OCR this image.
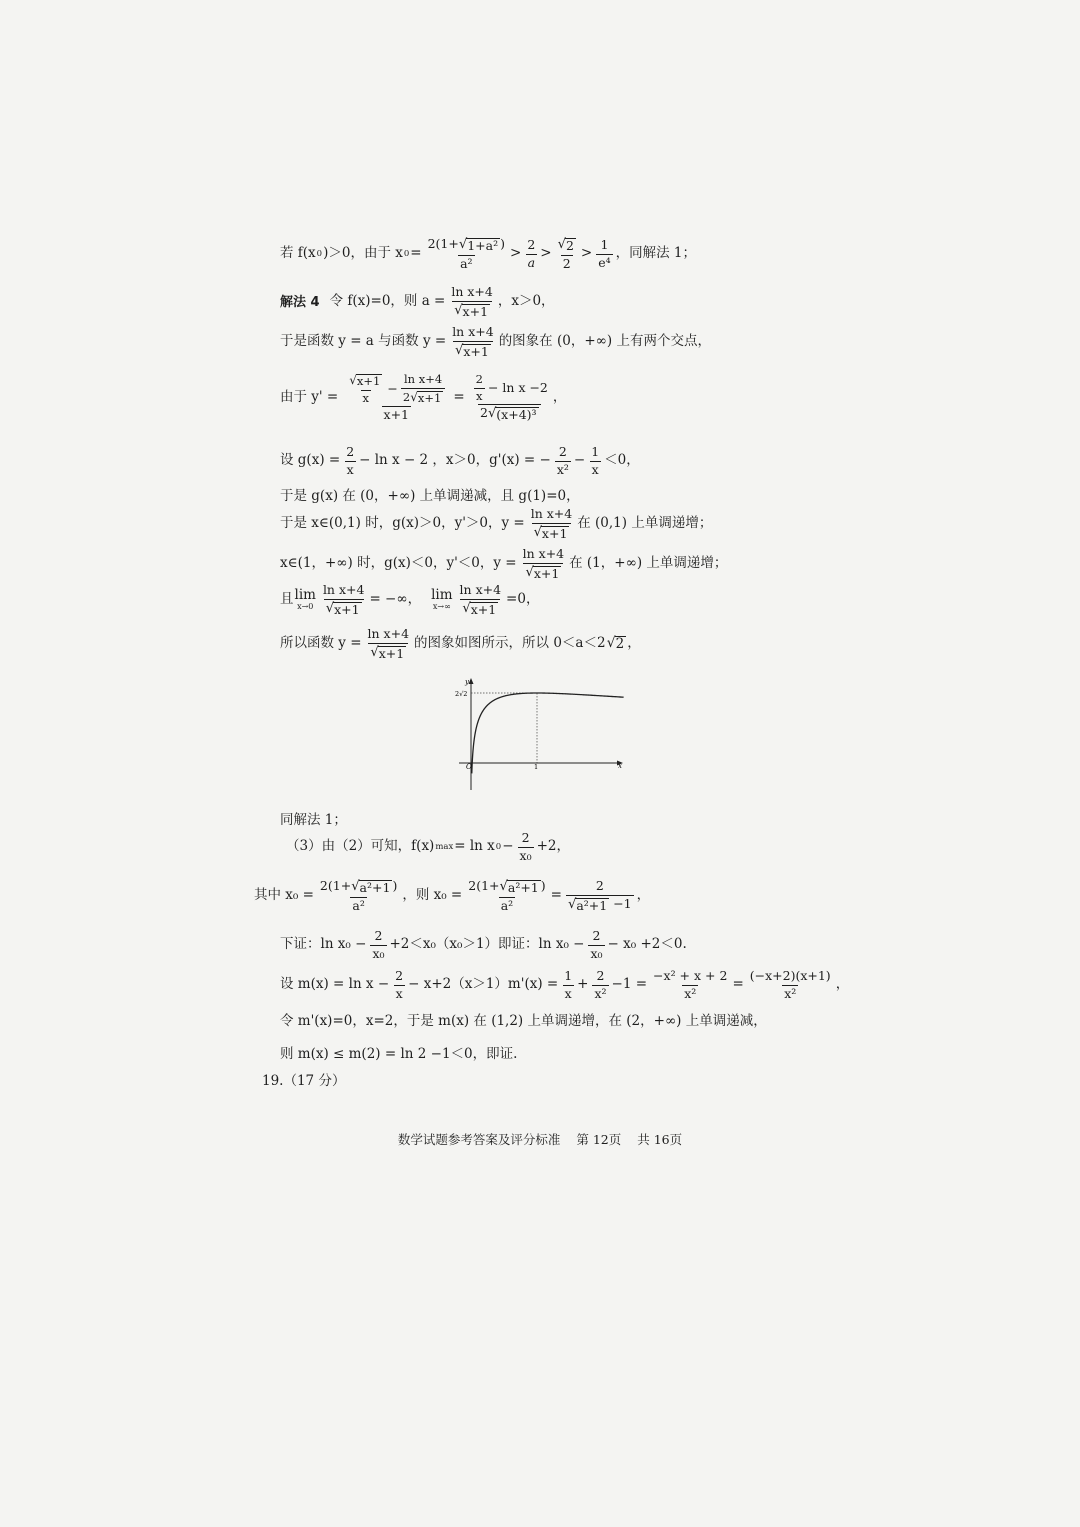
若 f(x 0 )＞0，由于 x $0 = \frac{\text{2(1+ √ 1+a² )}}{\text{a²}} > \frac{2}{a} > \frac{√ 2}{2} > \frac{1}{\text{e⁴}}$ ，同解法 1；
解法 4 令 f(x)=0，则 $a = \frac{\text{ln x+4}}{√ x+1}$ ，x＞0，
于是函数 y = a 与函数 $y = \frac{\text{ln x+4}}{√ x+1}$ 的图象在 (0，+∞) 上有两个交点，
由于 $y' = \frac{\frac{√ x+1}{x} - \frac{\text{ln x+4}}{2 √ x+1}}{x+1} = \frac{\frac{2}{x} - \ln x -2}{\text{2 √ (x+4)³}}$ ，
设 $g(x) = \frac{2}{x} - \ln x - 2$ ，x＞0，g'(x) = − $\frac{2}{\text{x²}} - \frac{1}{x} <0$，
于是 g(x) 在 (0，+∞) 上单调递减，且 g(1)=0，
于是 x∈(0,1) 时，g(x)＞0，y'＞0，$y = \frac{\text{ln x+4}}{√ x+1}$ 在 (0,1) 上单调递增；
x∈(1，+∞) 时，g(x)＜0，y'＜0，$y = \frac{\text{ln x+4}}{√ x+1}$ 在 (1，+∞) 上单调递增；
且 lim
$x\to 0 \frac{\text{ln x+4}}{√ x+1}$ = −∞， lim
$x\to\infty \frac{\text{ln x+4}}{√ x+1} =0$，
所以函数 $y = \frac{\text{ln x+4}}{√ x+1}$ 的图象如图所示，所以 0＜a＜2 √ 2 ，
y
x
O
2√2
1
同解法 1；
（3）由（2）可知，f(x) max = ln x $0 - \frac{2}{\text{x₀}} +2$，
其中 $x_0 = \frac{\text{2(1+ √ a²+1 )}}{\text{a²}}$ ，则 $x_0 = \frac{\text{2(1+ √ a²+1 )}}{\text{a²}} = \frac{2}{\text{√ a²+1 −1}}$ ，
下证：$\ln x_0 - \frac{2}{\text{x₀}} +2<x_0(x_0>1)$即证：$\ln x_0 - \frac{2}{\text{x₀}} - x_0 +2<0$.
设 $m(x) = \ln x - \frac{2}{x} - x+2(x>1)m'(x) = \frac{1}{x} + \frac{2}{\text{x²}} -1 = \frac{\text{−x² + x + 2}}{\text{x²}} = \frac{(-x+2)(x+1)}{\text{x²}}$ ，
令 m'(x)=0，x=2，于是 m(x) 在 (1,2) 上单调递增，在 (2，+∞) 上单调递减，
则 m(x) ≤ m(2) = ln 2 −1＜0，即证.
19.（17 分）
数学试题参考答案及评分标准 第 12页 共 16页
